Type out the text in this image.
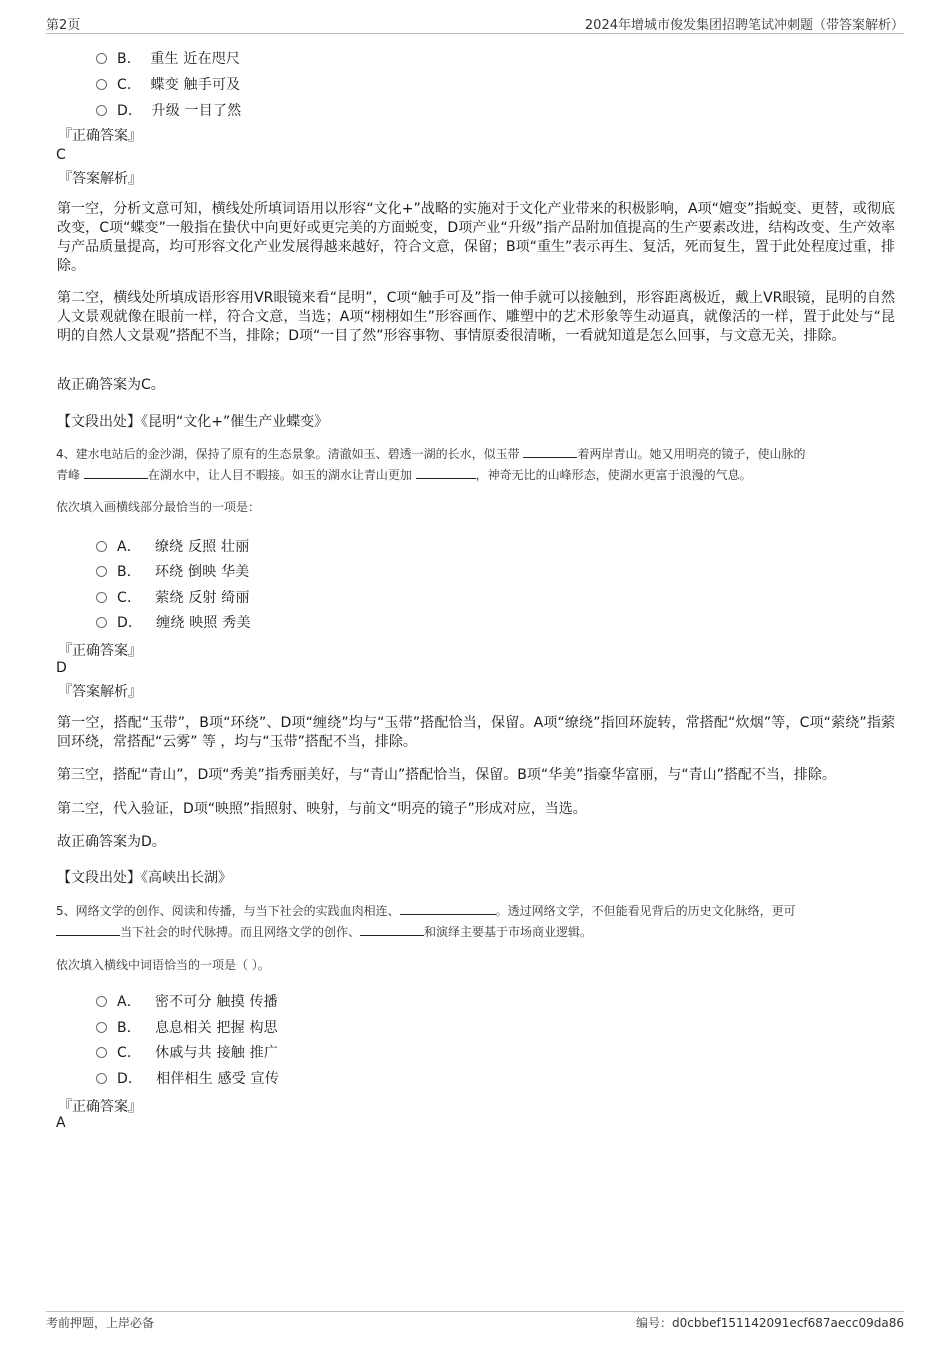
第2页	2024年增城市俊发集团招聘笔试冲刺题（带答案解析）
B． 重生 近在咫尺
C． 蝶变 触手可及
D． 升级 一目了然
『正确答案』
C
『答案解析』
第一空，分析文意可知，横线处所填词语用以形容“文化+”战略的实施对于文化产业带来的积极影响，A项“嬗变”指蜕变、更替，或彻底改变，C项“蝶变”一般指在蛰伏中向更好或更完美的方面蜕变，D项产业“升级”指产品附加值提高的生产要素改进，结构改变、生产效率与产品质量提高，均可形容文化产业发展得越来越好，符合文意，保留；B项“重生”表示再生、复活，死而复生，置于此处程度过重，排除。
第二空，横线处所填成语形容用VR眼镜来看“昆明”，C项“触手可及”指一伸手就可以接触到，形容距离极近，戴上VR眼镜，昆明的自然人文景观就像在眼前一样，符合文意，当选；A项“栩栩如生”形容画作、雕塑中的艺术形象等生动逼真，就像活的一样，置于此处与“昆明的自然人文景观”搭配不当，排除；D项“一目了然”形容事物、事情原委很清晰，一看就知道是怎么回事，与文意无关，排除。
故正确答案为C。
【文段出处】《昆明“文化+”催生产业蝶变》
4、建水电站后的金沙湖，保持了原有的生态景象。清澈如玉、碧透一湖的长水，似玉带	着两岸青山。她又用明亮的镜子，使山脉的
青峰	在湖水中，让人目不暇接。如玉的湖水让青山更加	，神奇无比的山峰形态，使湖水更富于浪漫的气息。
依次填入画横线部分最恰当的一项是：
A． 缭绕 反照 壮丽
B． 环绕 倒映 华美
C． 萦绕 反射 绮丽
D． 缠绕 映照 秀美
『正确答案』
D
『答案解析』
第一空，搭配“玉带”，B项“环绕”、D项“缠绕”均与“玉带”搭配恰当，保留。A项“缭绕”指回环旋转，常搭配“炊烟”等，C项“萦绕”指萦回环绕，常搭配“云雾” 等 ，均与“玉带”搭配不当，排除。
第三空，搭配“青山”，D项“秀美”指秀丽美好，与“青山”搭配恰当，保留。B项“华美”指豪华富丽，与“青山”搭配不当，排除。
第二空，代入验证，D项“映照”指照射、映射，与前文“明亮的镜子”形成对应，当选。
故正确答案为D。
【文段出处】《高峡出长湖》
5、网络文学的创作、阅读和传播，与当下社会的实践血肉相连、	。透过网络文学，不但能看见背后的历史文化脉络，更可
当下社会的时代脉搏。而且网络文学的创作、	和演绎主要基于市场商业逻辑。
依次填入横线中词语恰当的一项是（ ）。
A． 密不可分 触摸 传播
B． 息息相关 把握 构思
C． 休戚与共 接触 推广
D． 相伴相生 感受 宣传
『正确答案』
A
考前押题，上岸必备	编号：d0cbbef151142091ecf687aecc09da86
